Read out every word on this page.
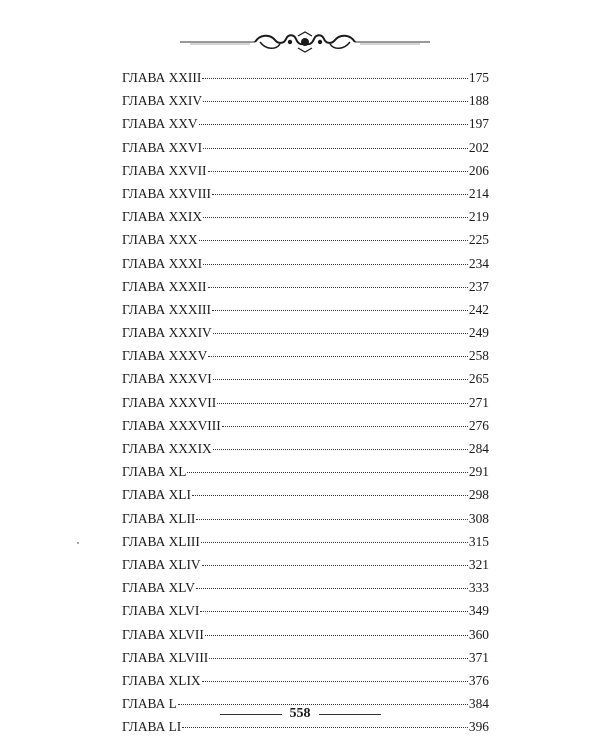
ГЛАВА XXIII	175
ГЛАВА XXIV	188
ГЛАВА XXV	197
ГЛАВА XXVI	202
ГЛАВА XXVII	206
ГЛАВА XXVIII	214
ГЛАВА XXIX	219
ГЛАВА XXX	225
ГЛАВА XXXI	234
ГЛАВА XXXII	237
ГЛАВА XXXIII	242
ГЛАВА XXXIV	249
ГЛАВА XXXV	258
ГЛАВА XXXVI	265
ГЛАВА XXXVII	271
ГЛАВА XXXVIII	276
ГЛАВА XXXIX	284
ГЛАВА XL	291
ГЛАВА XLI	298
ГЛАВА XLII	308
ГЛАВА XLIII	315
ГЛАВА XLIV	321
ГЛАВА XLV	333
ГЛАВА XLVI	349
ГЛАВА XLVII	360
ГЛАВА XLVIII	371
ГЛАВА XLIX	376
ГЛАВА L	384
ГЛАВА LI	396
558
